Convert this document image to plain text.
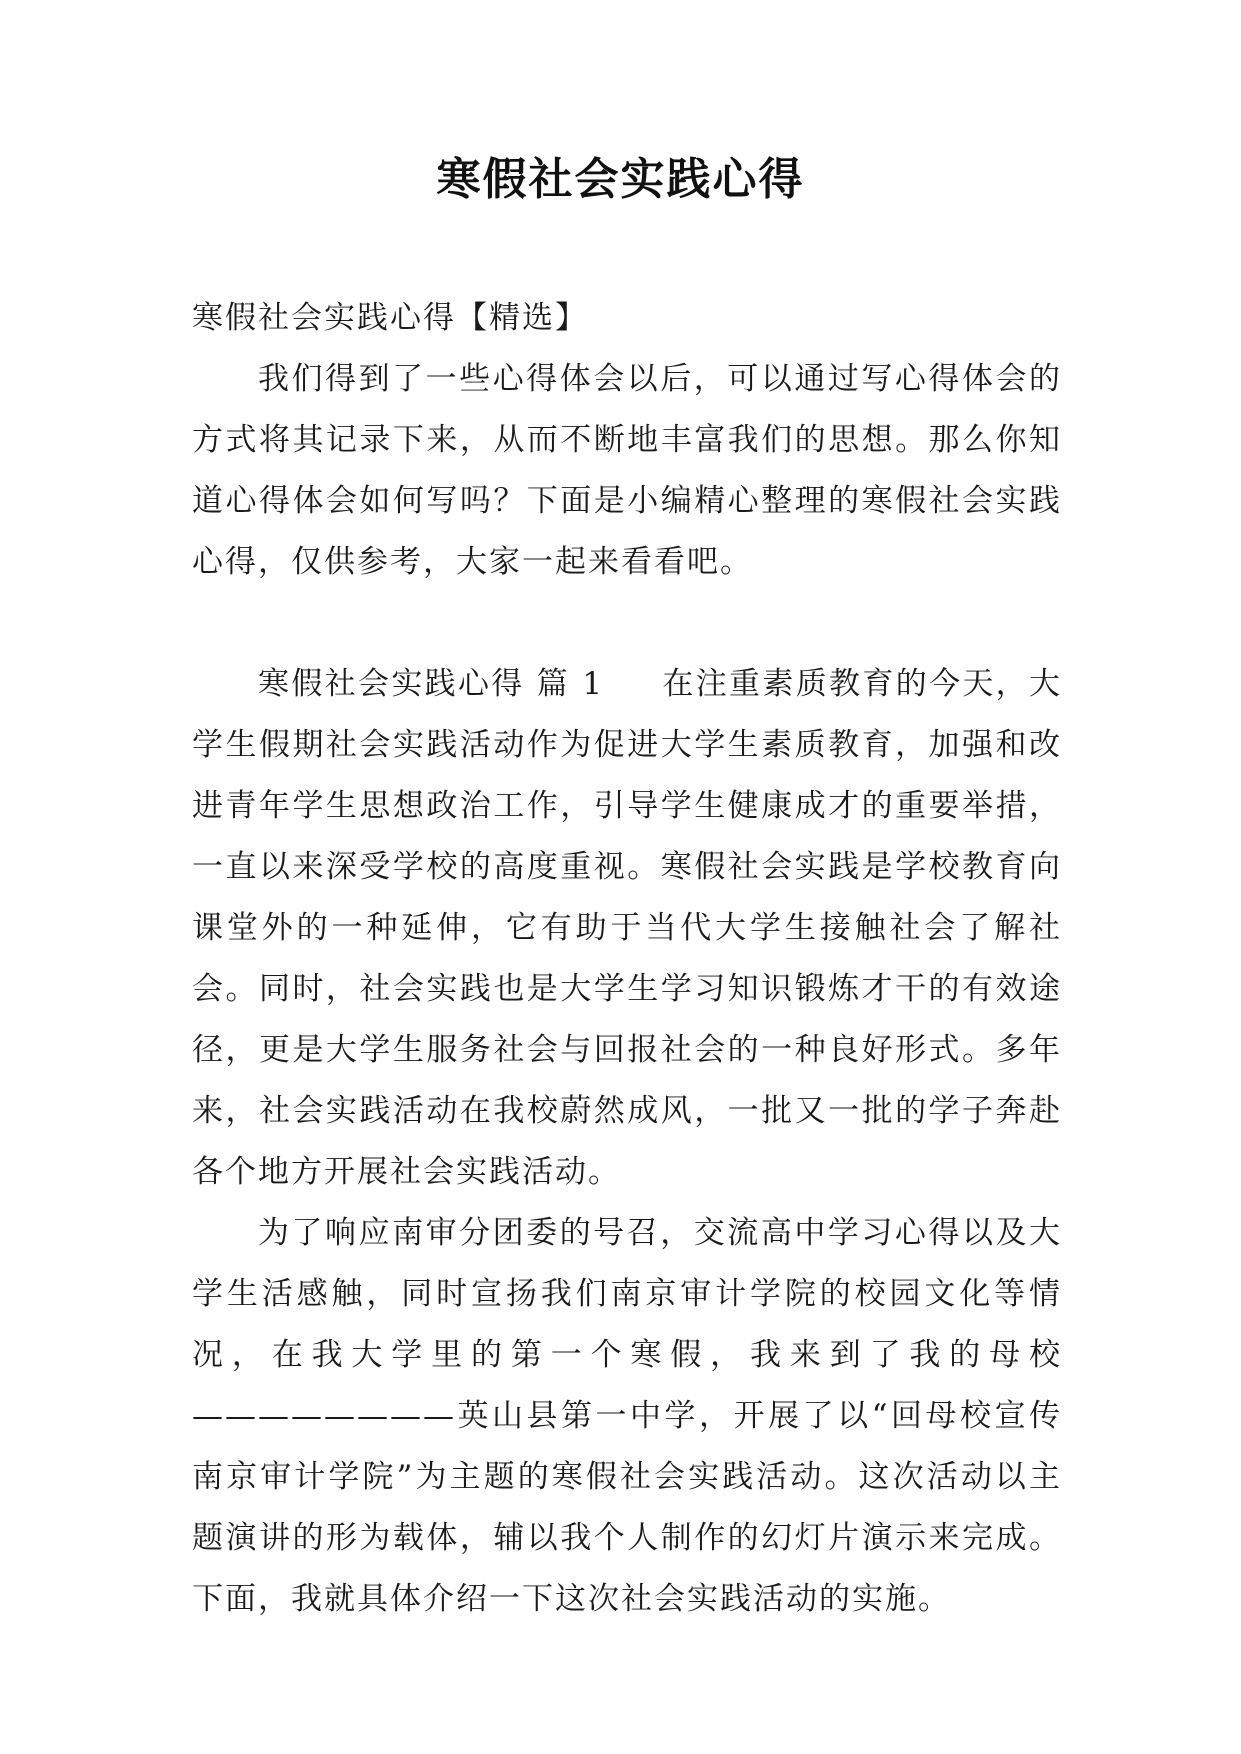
寒假社会实践心得

寒假社会实践心得【精选】

我们得到了一些心得体会以后，可以通过写心得体会的方式将其记录下来，从而不断地丰富我们的思想。那么你知道心得体会如何写吗？下面是小编精心整理的寒假社会实践心得，仅供参考，大家一起来看看吧。

寒假社会实践心得 篇 1 在注重素质教育的今天，大学生假期社会实践活动作为促进大学生素质教育，加强和改进青年学生思想政治工作，引导学生健康成才的重要举措，一直以来深受学校的高度重视。寒假社会实践是学校教育向课堂外的一种延伸，它有助于当代大学生接触社会了解社会。同时，社会实践也是大学生学习知识锻炼才干的有效途径，更是大学生服务社会与回报社会的一种良好形式。多年来，社会实践活动在我校蔚然成风，一批又一批的学子奔赴各个地方开展社会实践活动。

为了响应南审分团委的号召，交流高中学习心得以及大学生活感触，同时宣扬我们南京审计学院的校园文化等情况，在我大学里的第一个寒假，我来到了我的母校————————英山县第一中学，开展了以“回母校宣传南京审计学院”为主题的寒假社会实践活动。这次活动以主题演讲的形为载体，辅以我个人制作的幻灯片演示来完成。下面，我就具体介绍一下这次社会实践活动的实施。
